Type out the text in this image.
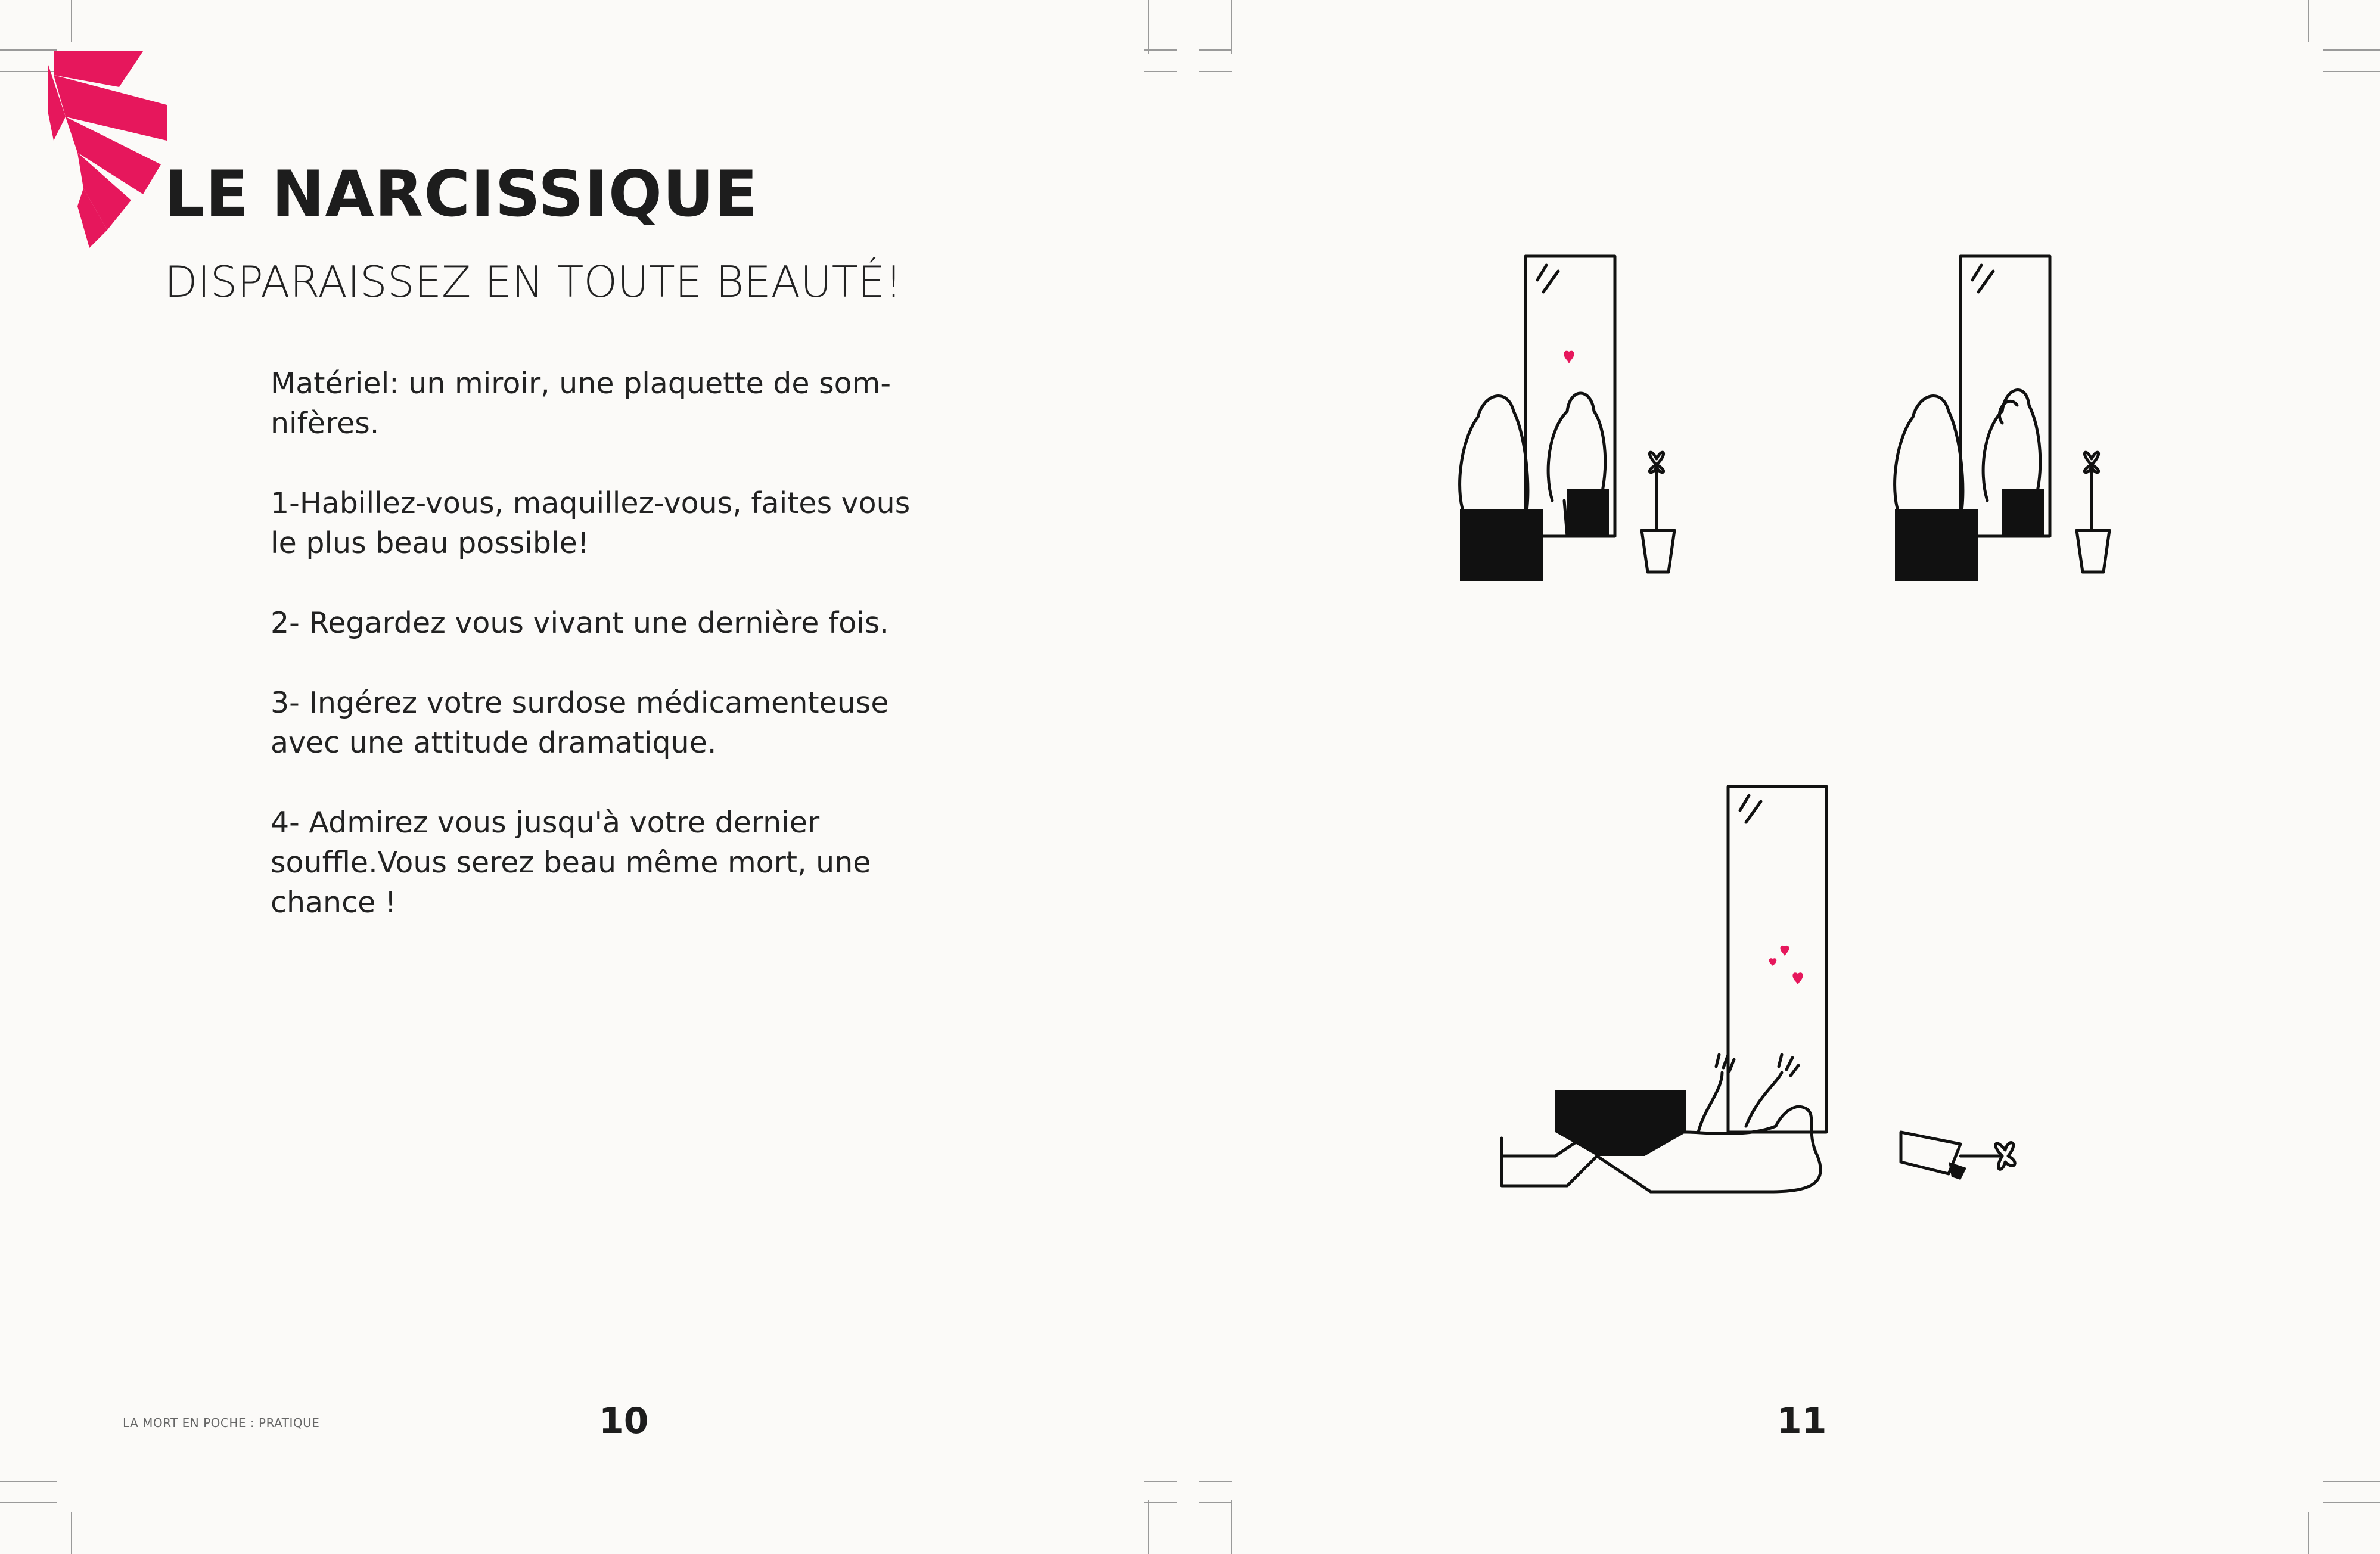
LE NARCISSIQUE
DISPARAISSEZ EN TOUTE BEAUTÉ!

Matériel: un miroir, une plaquette de som-
nifères.

1-Habillez-vous, maquillez-vous, faites vous
le plus beau possible!

2- Regardez vous vivant une dernière fois.

3- Ingérez votre surdose médicamenteuse
avec une attitude dramatique.

4- Admirez vous jusqu'à votre dernier
souffle.Vous serez beau même mort, une
chance !

LA MORT EN POCHE : PRATIQUE	10	11
